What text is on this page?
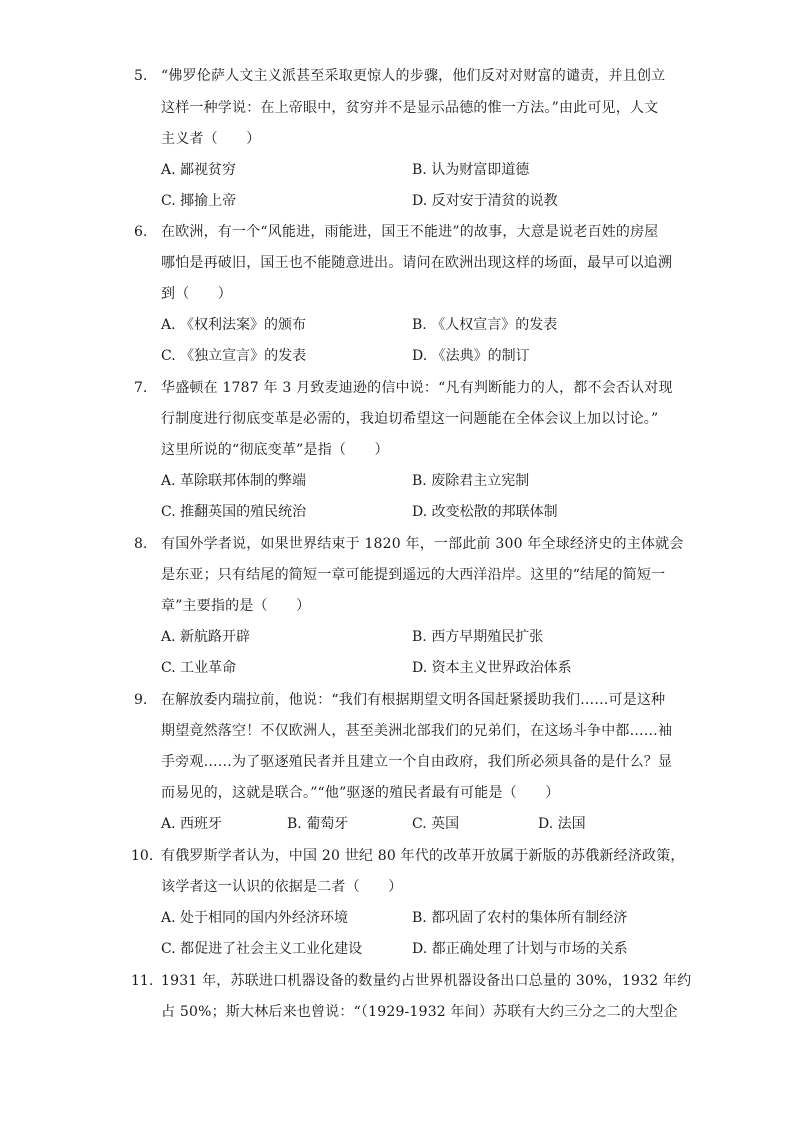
5. “佛罗伦萨人文主义派甚至采取更惊人的步骤，他们反对对财富的谴责，并且创立
这样一种学说：在上帝眼中，贫穷并不是显示品德的惟一方法。”由此可见，人文
主义者（　　）
A. 鄙视贫穷	B. 认为财富即道德
C. 揶揄上帝	D. 反对安于清贫的说教
6. 在欧洲，有一个“风能进，雨能进，国王不能进”的故事，大意是说老百姓的房屋
哪怕是再破旧，国王也不能随意进出。请问在欧洲出现这样的场面，最早可以追溯
到（　　）
A. 《权利法案》的颁布	B. 《人权宣言》的发表
C. 《独立宣言》的发表	D. 《法典》的制订
7. 华盛顿在 1787 年 3 月致麦迪逊的信中说：“凡有判断能力的人，都不会否认对现
行制度进行彻底变革是必需的，我迫切希望这一问题能在全体会议上加以讨论。”
这里所说的“彻底变革”是指（　　）
A. 革除联邦体制的弊端	B. 废除君主立宪制
C. 推翻英国的殖民统治	D. 改变松散的邦联体制
8. 有国外学者说，如果世界结束于 1820 年，一部此前 300 年全球经济史的主体就会
是东亚；只有结尾的简短一章可能提到遥远的大西洋沿岸。这里的“结尾的简短一
章”主要指的是（　　）
A. 新航路开辟	B. 西方早期殖民扩张
C. 工业革命	D. 资本主义世界政治体系
9. 在解放委内瑞拉前，他说：“我们有根据期望文明各国赶紧援助我们……可是这种
期望竟然落空！不仅欧洲人，甚至美洲北部我们的兄弟们，在这场斗争中都……袖
手旁观……为了驱逐殖民者并且建立一个自由政府，我们所必须具备的是什么？显
而易见的，这就是联合。”“他”驱逐的殖民者最有可能是（　　）
A. 西班牙	B. 葡萄牙	C. 英国	D. 法国
10. 有俄罗斯学者认为，中国 20 世纪 80 年代的改革开放属于新版的苏俄新经济政策，
该学者这一认识的依据是二者（　　）
A. 处于相同的国内外经济环境	B. 都巩固了农村的集体所有制经济
C. 都促进了社会主义工业化建设	D. 都正确处理了计划与市场的关系
11. 1931 年，苏联进口机器设备的数量约占世界机器设备出口总量的 30%，1932 年约
占 50%；斯大林后来也曾说：“（1929-1932 年间）苏联有大约三分之二的大型企
